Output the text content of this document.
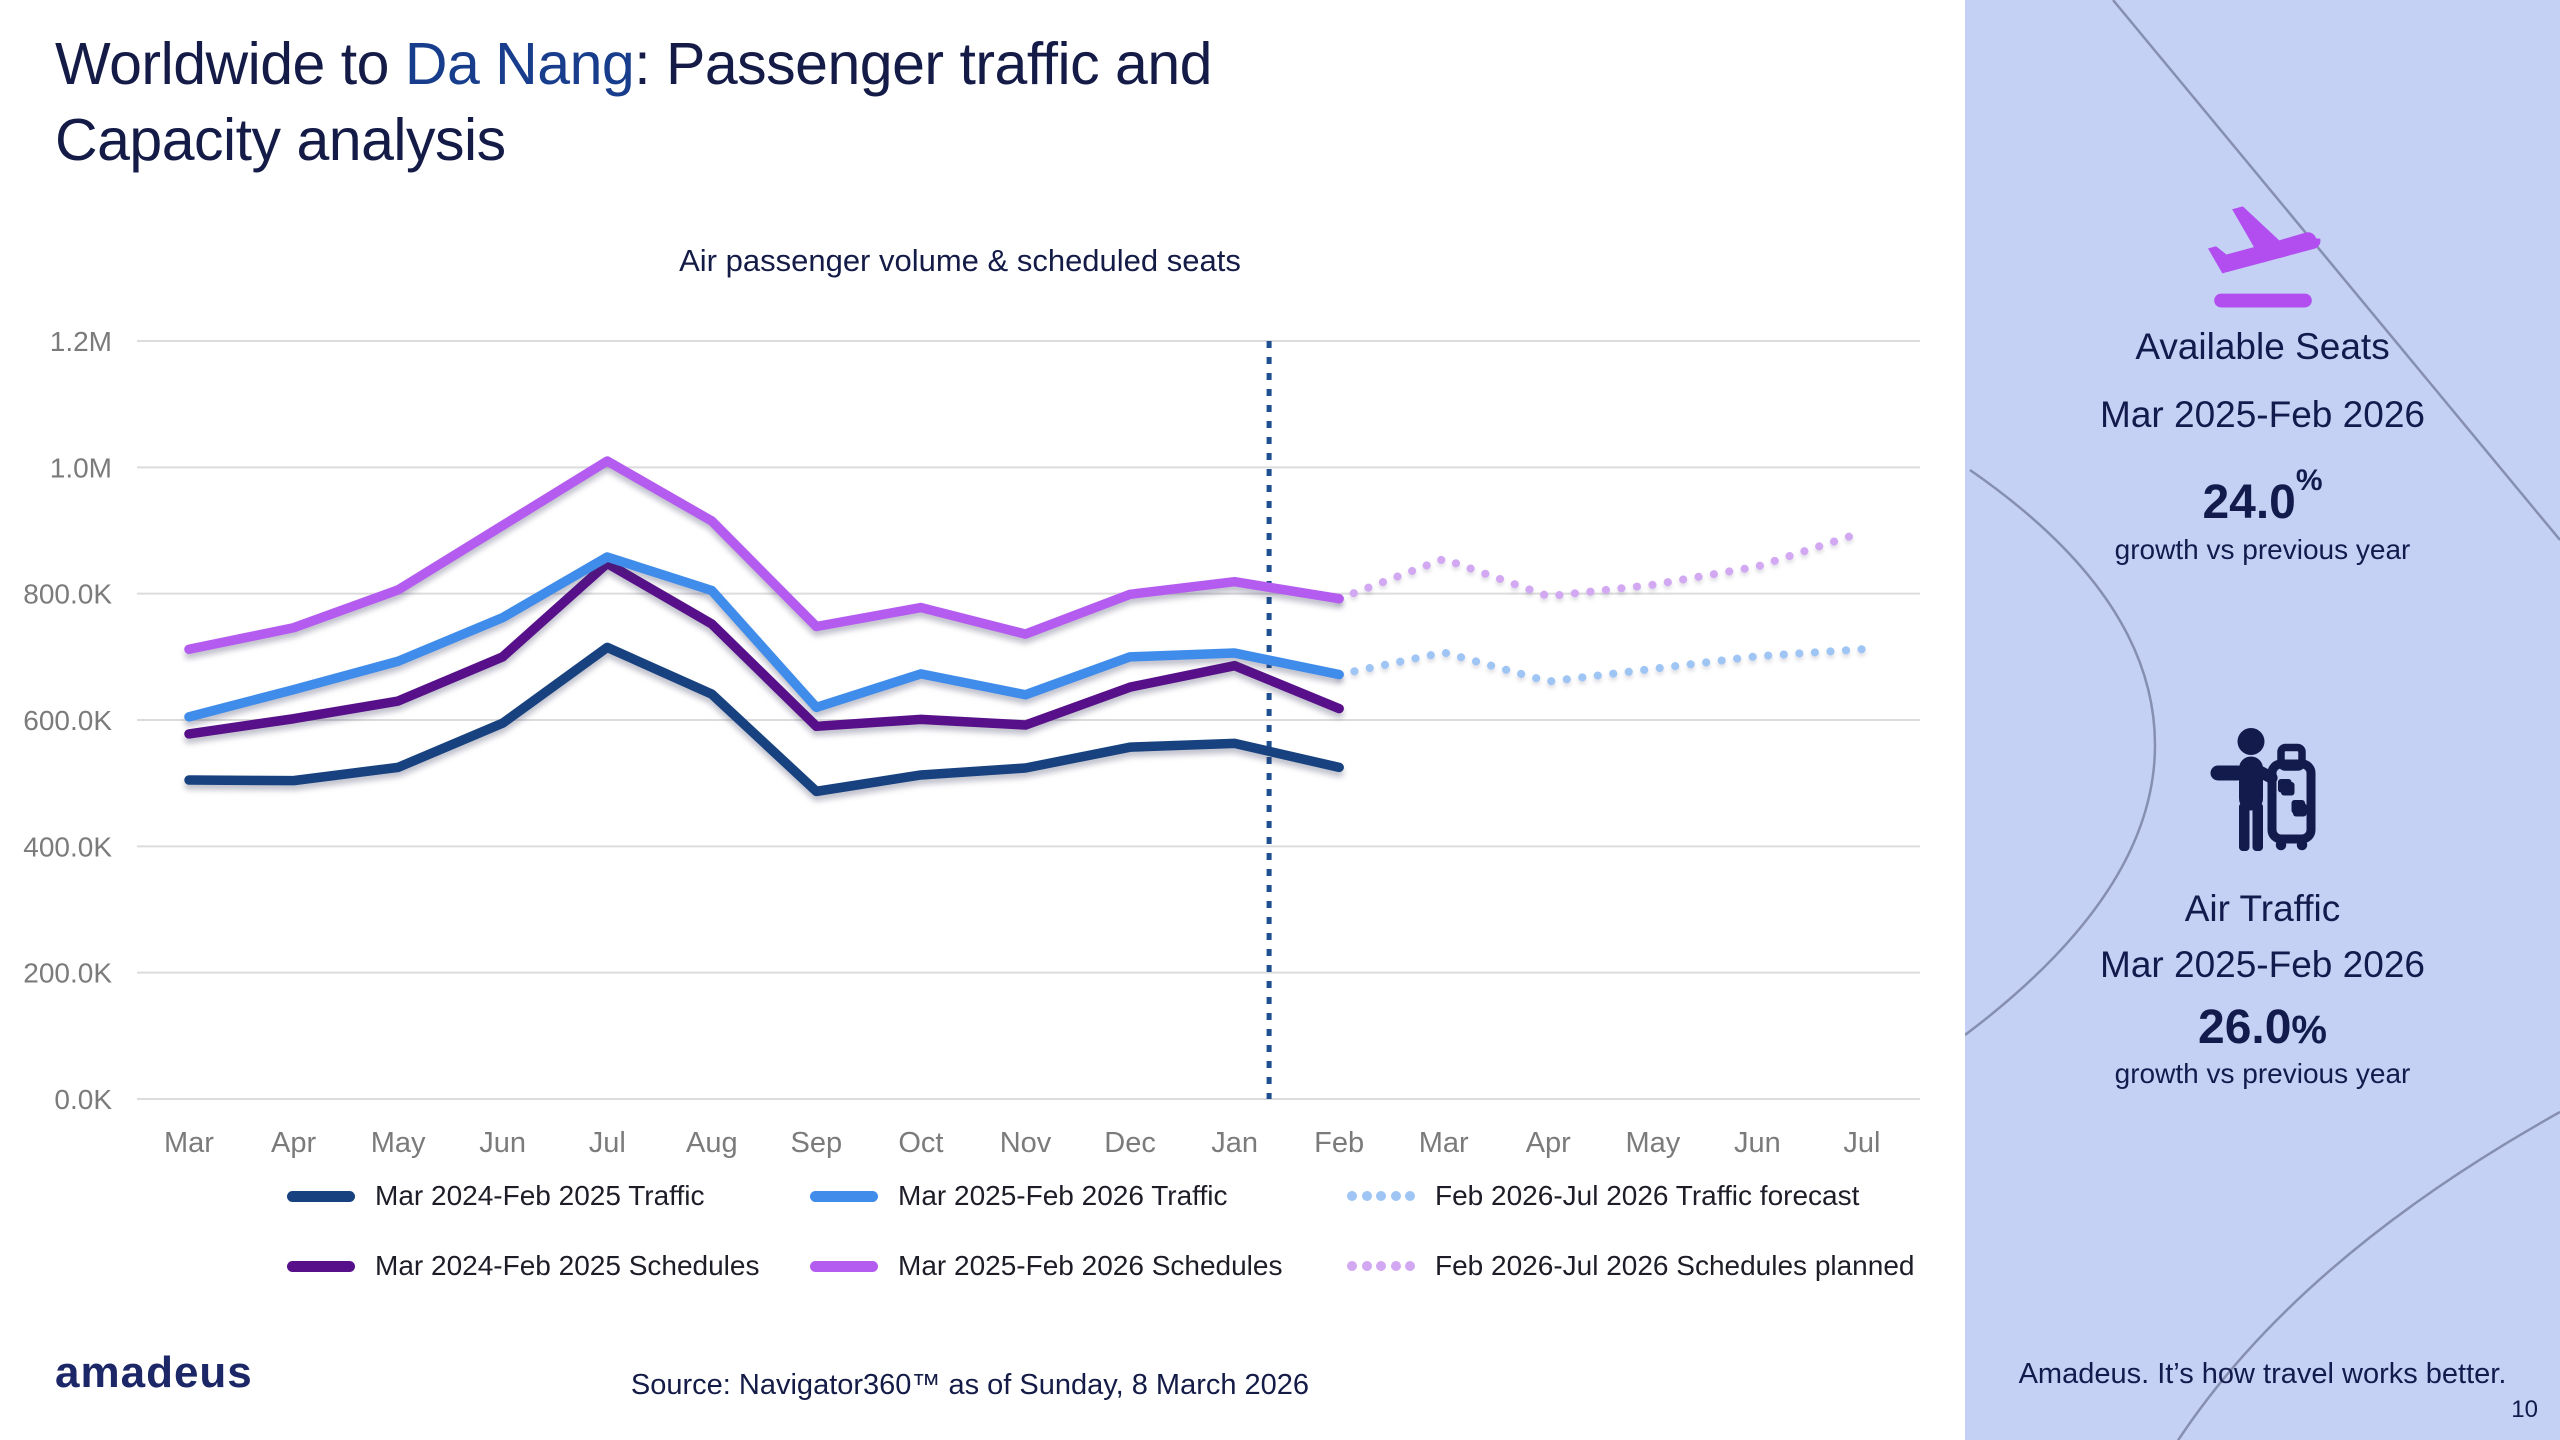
Worldwide to Da Nang: Passenger traffic and
Capacity analysis
Air passenger volume & scheduled seats
0.0K
200.0K
400.0K
600.0K
800.0K
1.0M
1.2M
Mar Apr May Jun Jul Aug Sep Oct Nov Dec Jan Feb Mar Apr May Jun Jul
Mar 2024-Feb 2025 Traffic	Mar 2025-Feb 2026 Traffic	Feb 2026-Jul 2026 Traffic forecast
Mar 2024-Feb 2025 Schedules	Mar 2025-Feb 2026 Schedules	Feb 2026-Jul 2026 Schedules planned
amadeus	Source: Navigator360™ as of Sunday, 8 March 2026
Available Seats
Mar 2025-Feb 2026
24.0%
growth vs previous year
Air Traffic
Mar 2025-Feb 2026
26.0%
growth vs previous year
Amadeus. It’s how travel works better.
10
